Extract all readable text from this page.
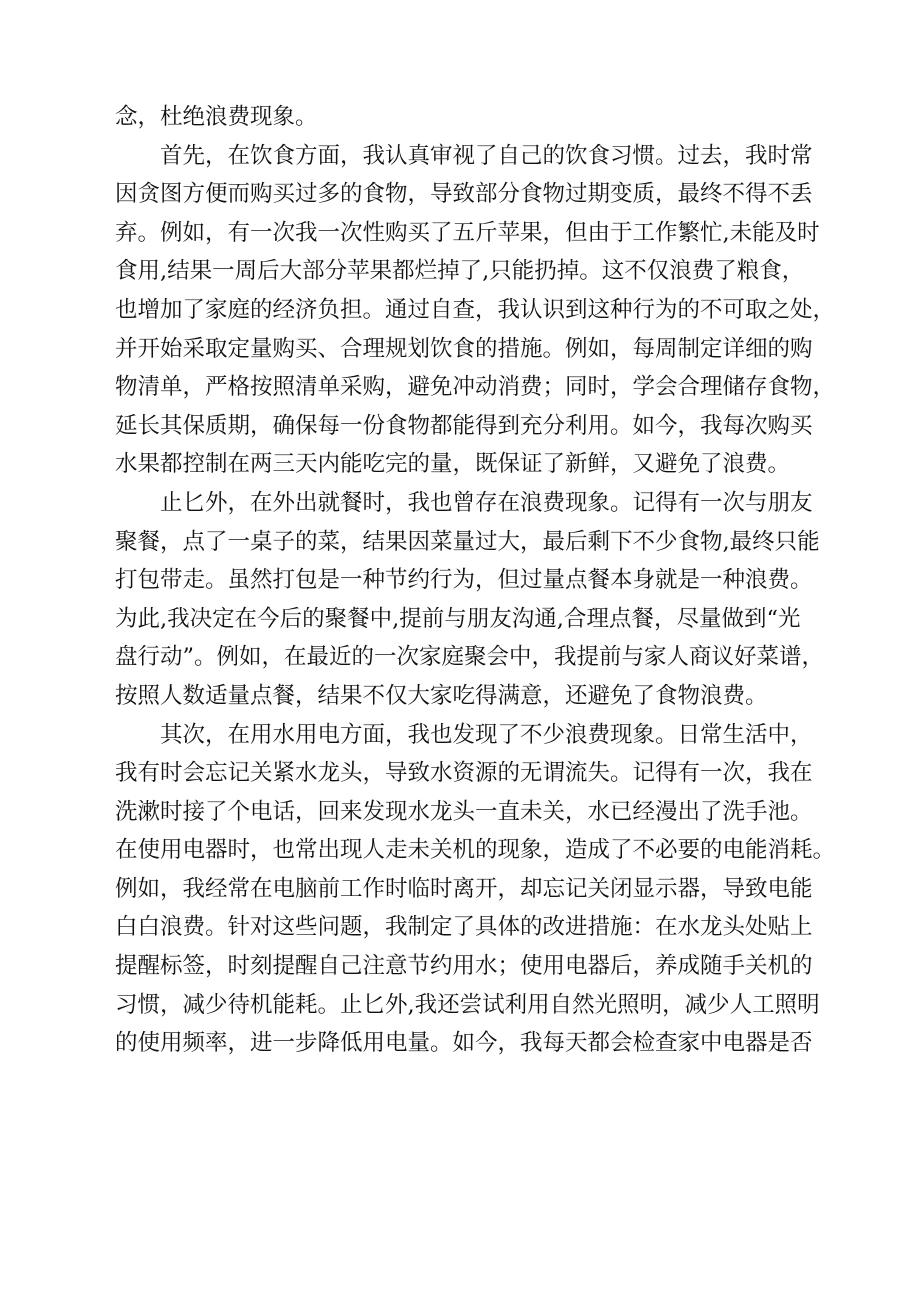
念，杜绝浪费现象。
首先，在饮食方面，我认真审视了自己的饮食习惯。过去，我时常
因贪图方便而购买过多的食物，导致部分食物过期变质，最终不得不丢
弃。例如，有一次我一次性购买了五斤苹果，但由于工作繁忙,未能及时
食用,结果一周后大部分苹果都烂掉了,只能扔掉。这不仅浪费了粮食，
也增加了家庭的经济负担。通过自查，我认识到这种行为的不可取之处，
并开始采取定量购买、合理规划饮食的措施。例如，每周制定详细的购
物清单，严格按照清单采购，避免冲动消费；同时，学会合理储存食物，
延长其保质期，确保每一份食物都能得到充分利用。如今，我每次购买
水果都控制在两三天内能吃完的量，既保证了新鲜，又避免了浪费。
止匕外，在外出就餐时，我也曾存在浪费现象。记得有一次与朋友
聚餐，点了一桌子的菜，结果因菜量过大，最后剩下不少食物,最终只能
打包带走。虽然打包是一种节约行为，但过量点餐本身就是一种浪费。
为此,我决定在今后的聚餐中,提前与朋友沟通,合理点餐，尽量做到“光
盘行动”。例如，在最近的一次家庭聚会中，我提前与家人商议好菜谱，
按照人数适量点餐，结果不仅大家吃得满意，还避免了食物浪费。
其次，在用水用电方面，我也发现了不少浪费现象。日常生活中，
我有时会忘记关紧水龙头，导致水资源的无谓流失。记得有一次，我在
洗漱时接了个电话，回来发现水龙头一直未关，水已经漫出了洗手池。
在使用电器时，也常出现人走未关机的现象，造成了不必要的电能消耗。
例如，我经常在电脑前工作时临时离开，却忘记关闭显示器，导致电能
白白浪费。针对这些问题，我制定了具体的改进措施：在水龙头处贴上
提醒标签，时刻提醒自己注意节约用水；使用电器后，养成随手关机的
习惯，减少待机能耗。止匕外,我还尝试利用自然光照明，减少人工照明
的使用频率，进一步降低用电量。如今，我每天都会检查家中电器是否
